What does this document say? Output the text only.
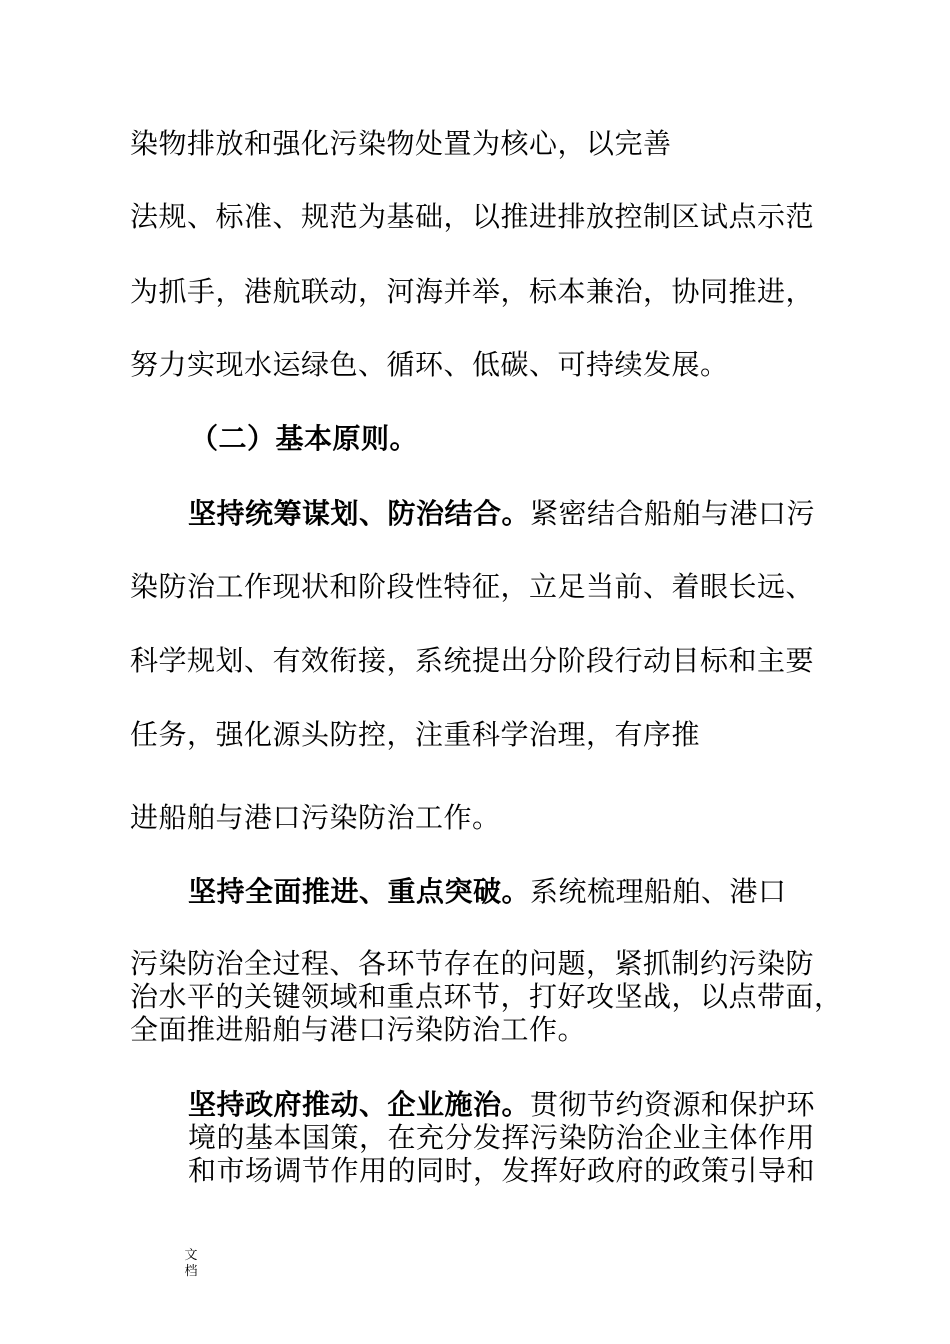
染物排放和强化污染物处置为核心，以完善
法规、标准、规范为基础，以推进排放控制区试点示范
为抓手，港航联动，河海并举，标本兼治，协同推进，
努力实现水运绿色、循环、低碳、可持续发展。
（二）基本原则。
坚持统筹谋划、防治结合。紧密结合船舶与港口污
染防治工作现状和阶段性特征，立足当前、着眼长远、
科学规划、有效衔接，系统提出分阶段行动目标和主要
任务，强化源头防控，注重科学治理，有序推
进船舶与港口污染防治工作。
坚持全面推进、重点突破。系统梳理船舶、港口
污染防治全过程、各环节存在的问题，紧抓制约污染防
治水平的关键领域和重点环节，打好攻坚战，以点带面，
全面推进船舶与港口污染防治工作。
坚持政府推动、企业施治。贯彻节约资源和保护环
境的基本国策，在充分发挥污染防治企业主体作用
和市场调节作用的同时，发挥好政府的政策引导和
文
档
